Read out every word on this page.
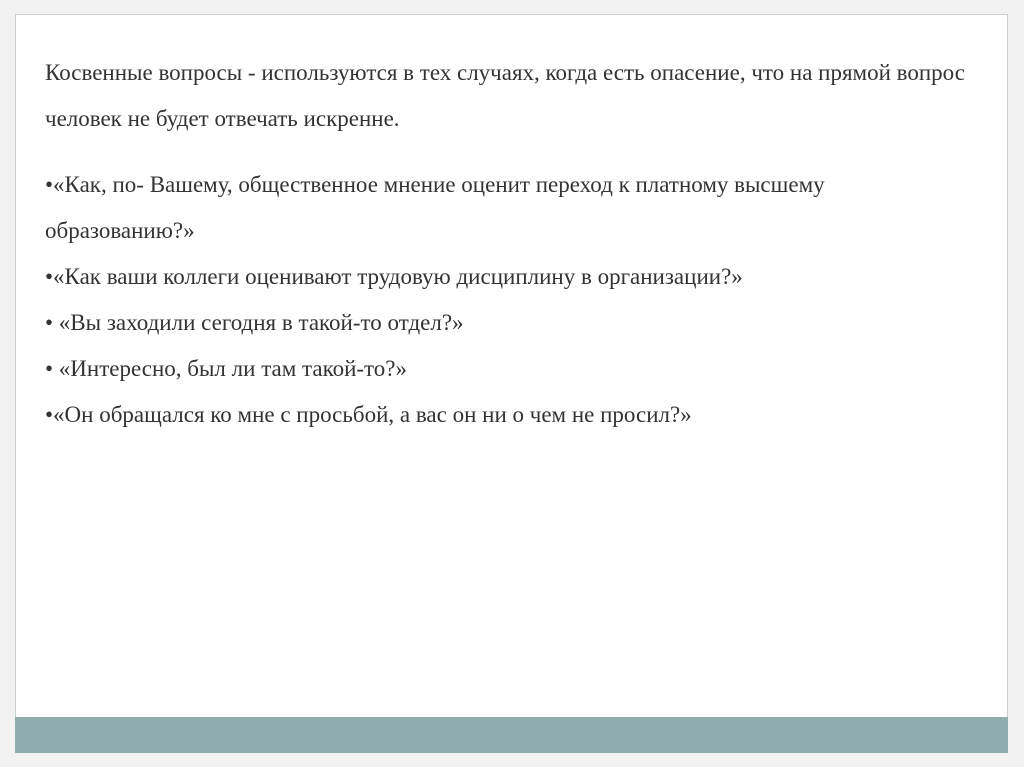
Косвенные вопросы - используются в тех случаях, когда есть опасение, что на прямой вопрос человек не будет отвечать искренне.

•«Как, по- Вашему, общественное мнение оценит переход к платному высшему образованию?»
•«Как ваши коллеги оценивают трудовую дисциплину в организации?»
• «Вы заходили сегодня в такой-то отдел?»
• «Интересно, был ли там такой-то?»
•«Он обращался ко мне с просьбой, а вас он ни о чем не просил?»
